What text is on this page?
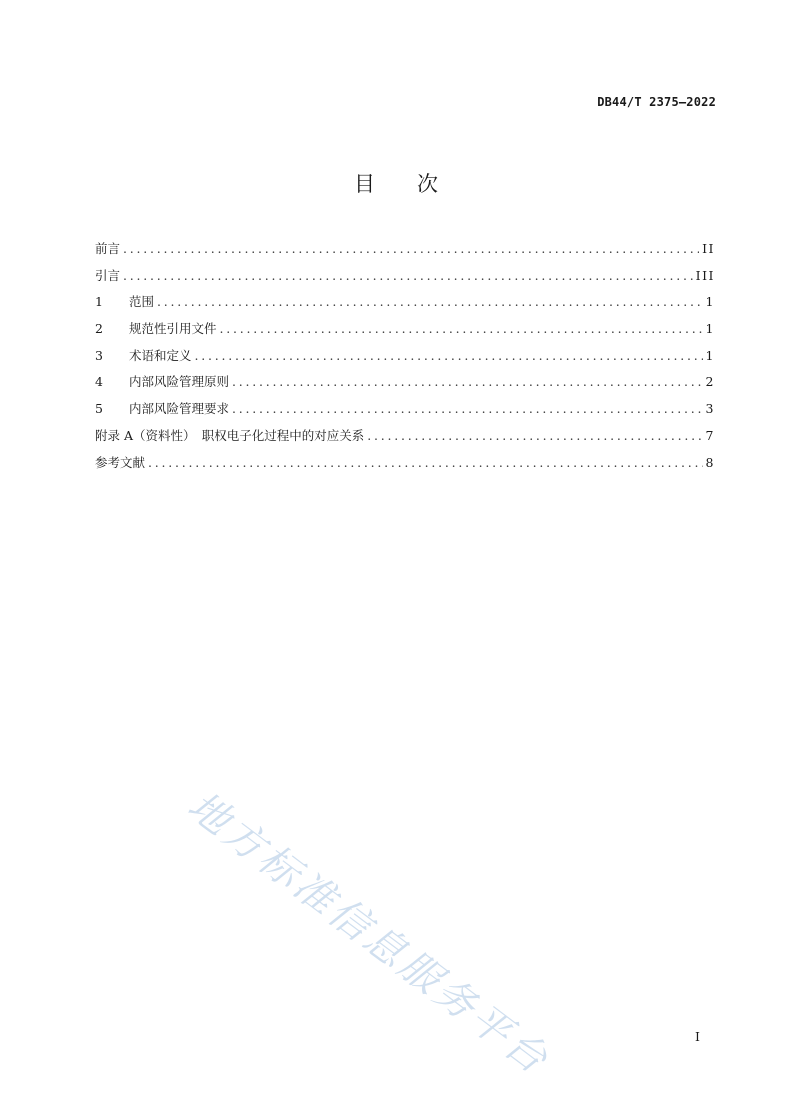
DB44/T 2375—2022
目次
前言 . . .	II
引言 . . .	III
1 范围 . . .	1
2 规范性引用文件 . . .	1
3 术语和定义 . . .	1
4 内部风险管理原则 . . .	2
5 内部风险管理要求 . . .	3
附录 A（资料性）　职权电子化过程中的对应关系 . . .	7
参考文献 . . .	8
地方标准信息服务平台	I
